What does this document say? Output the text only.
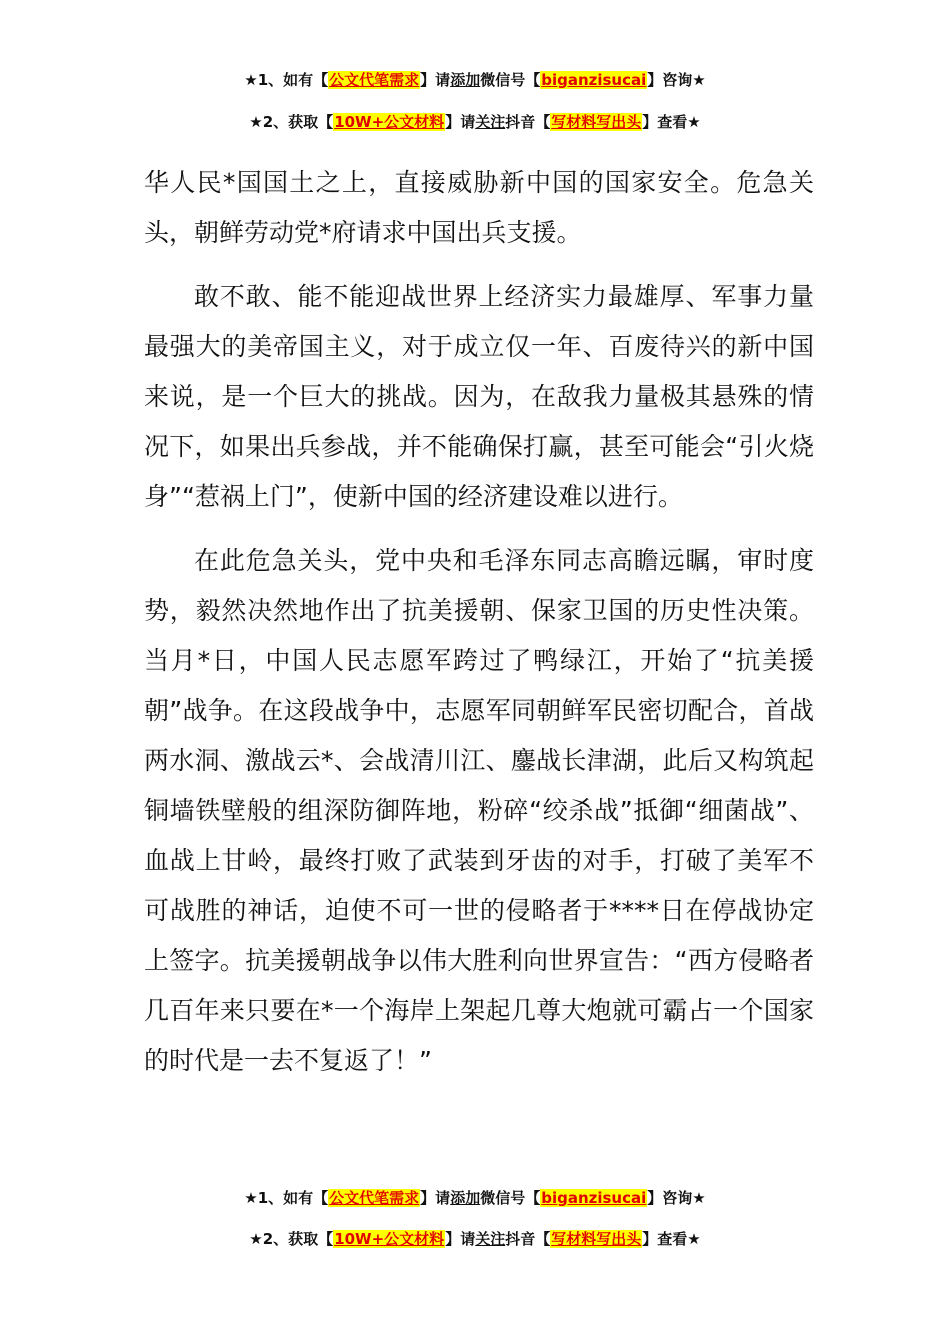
★1、如有【公文代笔需求】请添加微信号【biganzisucai】咨询★
★2、获取【10W+公文材料】请关注抖音【写材料写出头】查看★

华人民*国国土之上，直接威胁新中国的国家安全。危急关头，朝鲜劳动党*府请求中国出兵支援。

敢不敢、能不能迎战世界上经济实力最雄厚、军事力量最强大的美帝国主义，对于成立仅一年、百废待兴的新中国来说，是一个巨大的挑战。因为，在敌我力量极其悬殊的情况下，如果出兵参战，并不能确保打赢，甚至可能会“引火烧身”“惹祸上门”，使新中国的经济建设难以进行。

在此危急关头，党中央和毛泽东同志高瞻远瞩，审时度势，毅然决然地作出了抗美援朝、保家卫国的历史性决策。当月*日，中国人民志愿军跨过了鸭绿江，开始了“抗美援朝”战争。在这段战争中，志愿军同朝鲜军民密切配合，首战两水洞、激战云*、会战清川江、鏖战长津湖，此后又构筑起铜墙铁壁般的组深防御阵地，粉碎“绞杀战”抵御“细菌战”、血战上甘岭，最终打败了武装到牙齿的对手，打破了美军不可战胜的神话，迫使不可一世的侵略者于****日在停战协定上签字。抗美援朝战争以伟大胜利向世界宣告：“西方侵略者几百年来只要在*一个海岸上架起几尊大炮就可霸占一个国家的时代是一去不复返了！”

★1、如有【公文代笔需求】请添加微信号【biganzisucai】咨询★
★2、获取【10W+公文材料】请关注抖音【写材料写出头】查看★
